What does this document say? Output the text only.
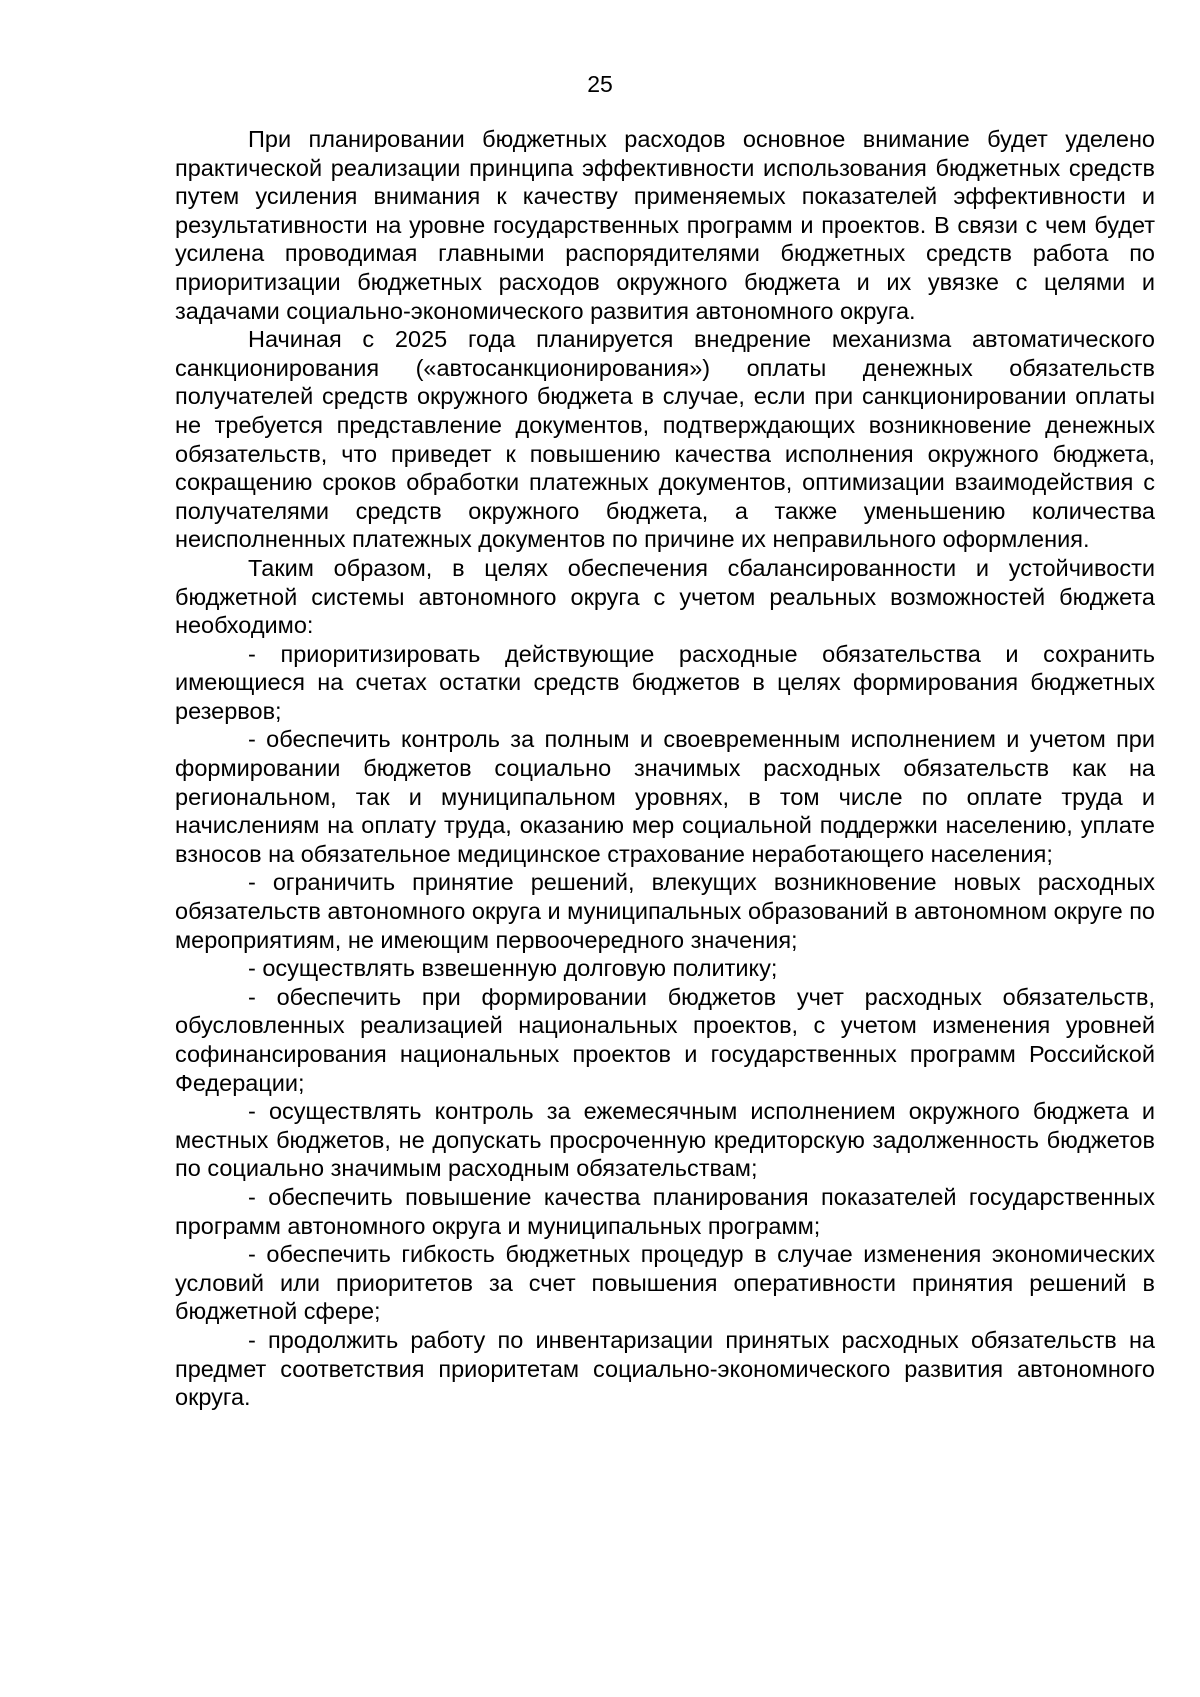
25

При планировании бюджетных расходов основное внимание будет уделено практической реализации принципа эффективности использования бюджетных средств путем усиления внимания к качеству применяемых показателей эффективности и результативности на уровне государственных программ и проектов. В связи с чем будет усилена проводимая главными распорядителями бюджетных средств работа по приоритизации бюджетных расходов окружного бюджета и их увязке с целями и задачами социально-экономического развития автономного округа.

Начиная с 2025 года планируется внедрение механизма автоматического санкционирования («автосанкционирования») оплаты денежных обязательств получателей средств окружного бюджета в случае, если при санкционировании оплаты не требуется представление документов, подтверждающих возникновение денежных обязательств, что приведет к повышению качества исполнения окружного бюджета, сокращению сроков обработки платежных документов, оптимизации взаимодействия с получателями средств окружного бюджета, а также уменьшению количества неисполненных платежных документов по причине их неправильного оформления.

Таким образом, в целях обеспечения сбалансированности и устойчивости бюджетной системы автономного округа с учетом реальных возможностей бюджета необходимо:

- приоритизировать действующие расходные обязательства и сохранить имеющиеся на счетах остатки средств бюджетов в целях формирования бюджетных резервов;

- обеспечить контроль за полным и своевременным исполнением и учетом при формировании бюджетов социально значимых расходных обязательств как на региональном, так и муниципальном уровнях, в том числе по оплате труда и начислениям на оплату труда, оказанию мер социальной поддержки населению, уплате взносов на обязательное медицинское страхование неработающего населения;

- ограничить принятие решений, влекущих возникновение новых расходных обязательств автономного округа и муниципальных образований в автономном округе по мероприятиям, не имеющим первоочередного значения;

- осуществлять взвешенную долговую политику;

- обеспечить при формировании бюджетов учет расходных обязательств, обусловленных реализацией национальных проектов, с учетом изменения уровней софинансирования национальных проектов и государственных программ Российской Федерации;

- осуществлять контроль за ежемесячным исполнением окружного бюджета и местных бюджетов, не допускать просроченную кредиторскую задолженность бюджетов по социально значимым расходным обязательствам;

- обеспечить повышение качества планирования показателей государственных программ автономного округа и муниципальных программ;

- обеспечить гибкость бюджетных процедур в случае изменения экономических условий или приоритетов за счет повышения оперативности принятия решений в бюджетной сфере;

- продолжить работу по инвентаризации принятых расходных обязательств на предмет соответствия приоритетам социально-экономического развития автономного округа.
